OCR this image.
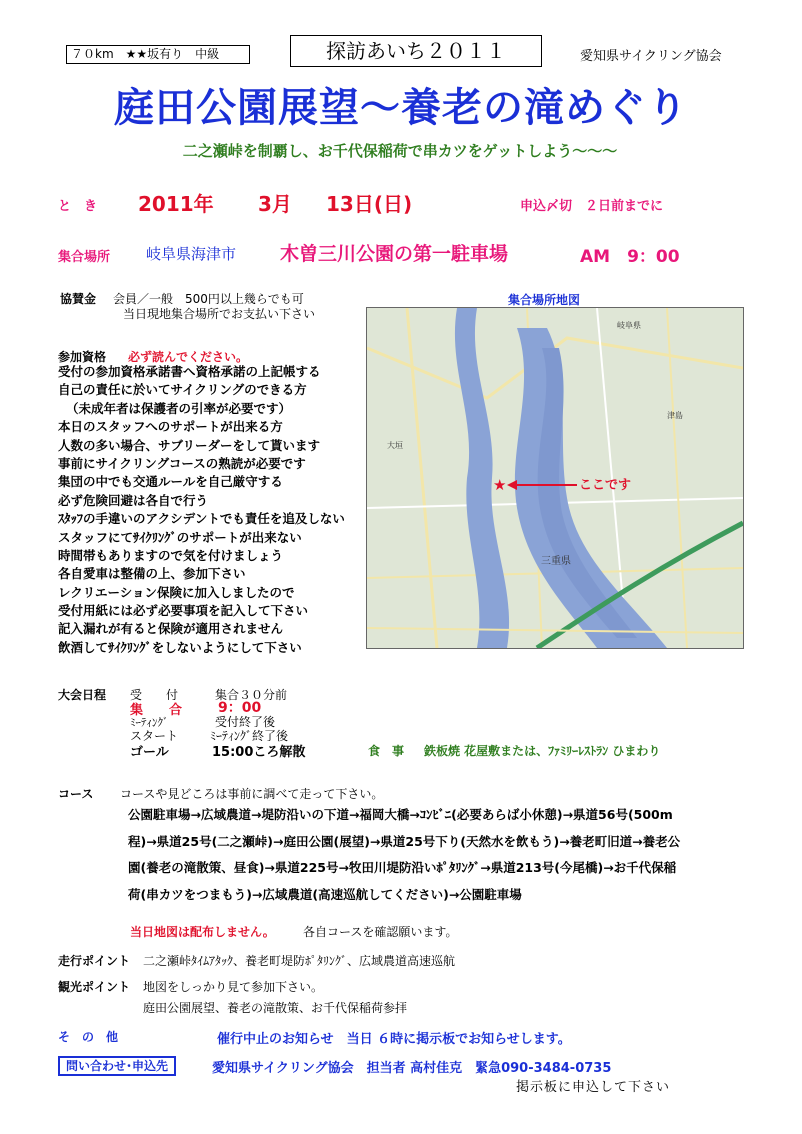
７０km　★★坂有り　中級	探訪あいち２０１１	愛知県サイクリング協会
庭田公園展望〜養老の滝めぐり
二之瀬峠を制覇し、お千代保稲荷で串カツをゲットしよう〜〜〜
と　き 2011年 3月 13日(日)	申込〆切　２日前までに
集合場所 岐阜県海津市 木曽三川公園の第一駐車場	AM　9：00
協賛金 会員／一般　500円以上幾らでも可
当日現地集合場所でお支払い下さい
集合場所地図
岐阜県
大垣
津島
三重県
★	ここです
参加資格 必ず読んでください。
受付の参加資格承諾書へ資格承諾の上記帳する
自己の責任に於いてサイクリングのできる方
（未成年者は保護者の引率が必要です）
本日のスタッフへのサポートが出来る方
人数の多い場合、サブリーダーをして貰います
事前にサイクリングコースの熟読が必要です
集団の中でも交通ルールを自己厳守する
必ず危険回避は各自で行う
ｽﾀｯﾌの手違いのアクシデントでも責任を追及しない
スタッフにてｻｲｸﾘﾝｸﾞのサポートが出来ない
時間帯もありますので気を付けましょう
各自愛車は整備の上、参加下さい
レクリエーション保険に加入しましたので
受付用紙には必ず必要事項を記入して下さい
記入漏れが有ると保険が適用されません
飲酒してｻｲｸﾘﾝｸﾞをしないようにして下さい
大会日程 受　　付	集合３０分前
集　　合	9：00
ﾐｰﾃｨﾝｸﾞ	受付終了後
スタート	ﾐｰﾃｨﾝｸﾞ終了後
ゴール	15:00ころ解散	食　事 鉄板焼 花屋敷または、ﾌｧﾐﾘｰﾚｽﾄﾗﾝ ひまわり
コース コースや見どころは事前に調べて走って下さい。
公園駐車場→広域農道→堤防沿いの下道→福岡大橋→ｺﾝﾋﾞﾆ(必要あらば小休憩)→県道56号(500m
程)→県道25号(二之瀬峠)→庭田公園(展望)→県道25号下り(天然水を飲もう)→養老町旧道→養老公
園(養老の滝散策、昼食)→県道225号→牧田川堤防沿いﾎﾟﾀﾘﾝｸﾞ→県道213号(今尾橋)→お千代保稲
荷(串カツをつまもう)→広域農道(高速巡航してください)→公園駐車場
当日地図は配布しません。 各自コースを確認願います。
走行ポイント 二之瀬峠ﾀｲﾑｱﾀｯｸ、養老町堤防ﾎﾟﾀﾘﾝｸﾞ、広域農道高速巡航
観光ポイント 地図をしっかり見て参加下さい。
庭田公園展望、養老の滝散策、お千代保稲荷参拝
そ　の　他	催行中止のお知らせ　当日 ６時に掲示板でお知らせします。
問い合わせ･申込先	愛知県サイクリング協会　担当者 高村佳克　緊急090-3484-0735
掲示板に申込して下さい
